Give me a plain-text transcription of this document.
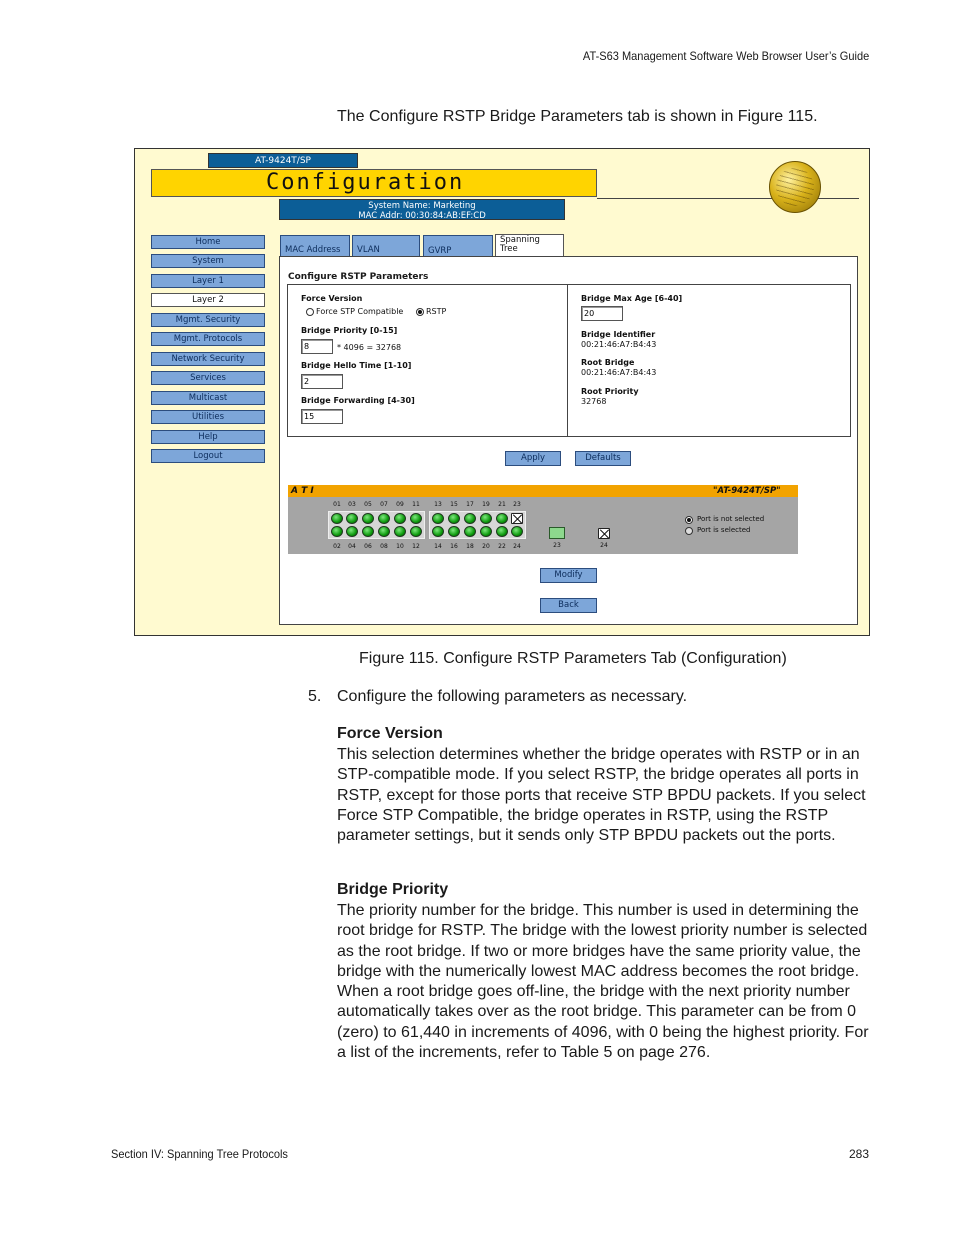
AT-S63 Management Software Web Browser User’s Guide
The Configure RSTP Bridge Parameters tab is shown in Figure 115.
AT-9424T/SP
Configuration
System Name: Marketing
MAC Addr: 00:30:84:AB:EF:CD
Home
System
Layer 1
Layer 2
Mgmt. Security
Mgmt. Protocols
Network Security
Services
Multicast
Utilities
Help
Logout
MAC Address	VLAN	GVRP
Spanning
Tree
Configure RSTP Parameters
Force Version
Force STP Compatible	RSTP
Bridge Priority [0-15]
8
* 4096 = 32768
Bridge Hello Time [1-10]
2
Bridge Forwarding [4-30]
15
Bridge Max Age [6-40]
20
Bridge Identifier
00:21:46:A7:B4:43
Root Bridge
00:21:46:A7:B4:43
Root Priority
32768
Apply	Defaults
A T I	"AT-9424T/SP"
01	03	05	07	09	11	13	15	17	19	21	23
02	04	06	08	10	12	14	16	18	20	22	24	23	24
Port is not selected
Port is selected
Modify
Back
Figure 115. Configure RSTP Parameters Tab (Configuration)
5. Configure the following parameters as necessary.
Force Version
This selection determines whether the bridge operates with RSTP or in an STP-compatible mode. If you select RSTP, the bridge operates all ports in RSTP, except for those ports that receive STP BPDU packets. If you select Force STP Compatible, the bridge operates in RSTP, using the RSTP parameter settings, but it sends only STP BPDU packets out the ports.
Bridge Priority
The priority number for the bridge. This number is used in determining the root bridge for RSTP. The bridge with the lowest priority number is selected as the root bridge. If two or more bridges have the same priority value, the bridge with the numerically lowest MAC address becomes the root bridge. When a root bridge goes off-line, the bridge with the next priority number automatically takes over as the root bridge. This parameter can be from 0 (zero) to 61,440 in increments of 4096, with 0 being the highest priority. For a list of the increments, refer to Table 5 on page 276.
Section IV: Spanning Tree Protocols	283
